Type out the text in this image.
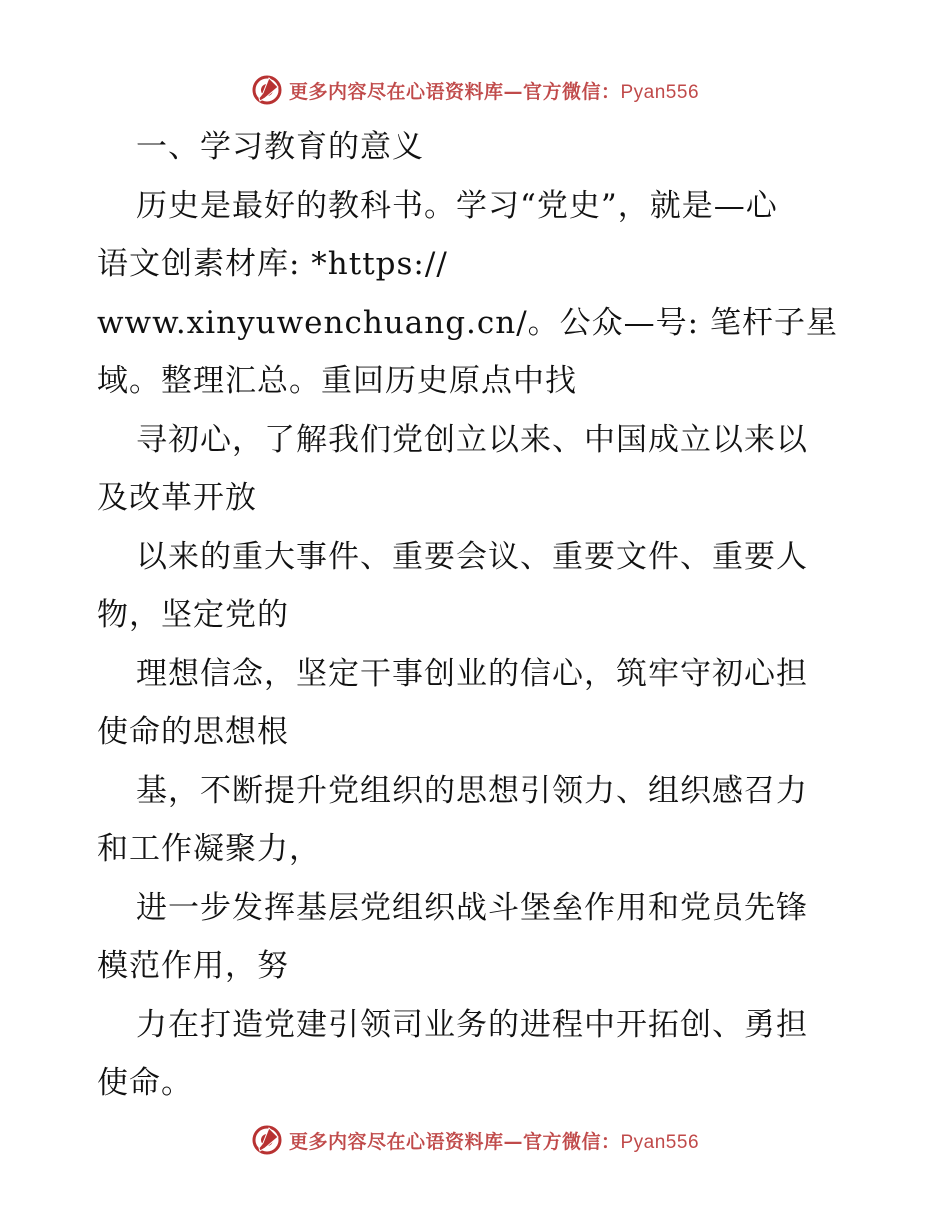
更多内容尽在心语资料库—官方微信：Pyan556
一、学习教育的意义
历史是最好的教科书。学习“党史”，就是—心
语文创素材库: *https://
www.xinyuwenchuang.cn/。公众—号: 笔杆子星
域。整理汇总。重回历史原点中找
寻初心，了解我们党创立以来、中国成立以来以
及改革开放
以来的重大事件、重要会议、重要文件、重要人
物，坚定党的
理想信念，坚定干事创业的信心，筑牢守初心担
使命的思想根
基，不断提升党组织的思想引领力、组织感召力
和工作凝聚力，
进一步发挥基层党组织战斗堡垒作用和党员先锋
模范作用，努
力在打造党建引领司业务的进程中开拓创、勇担
使命。
更多内容尽在心语资料库—官方微信：Pyan556
